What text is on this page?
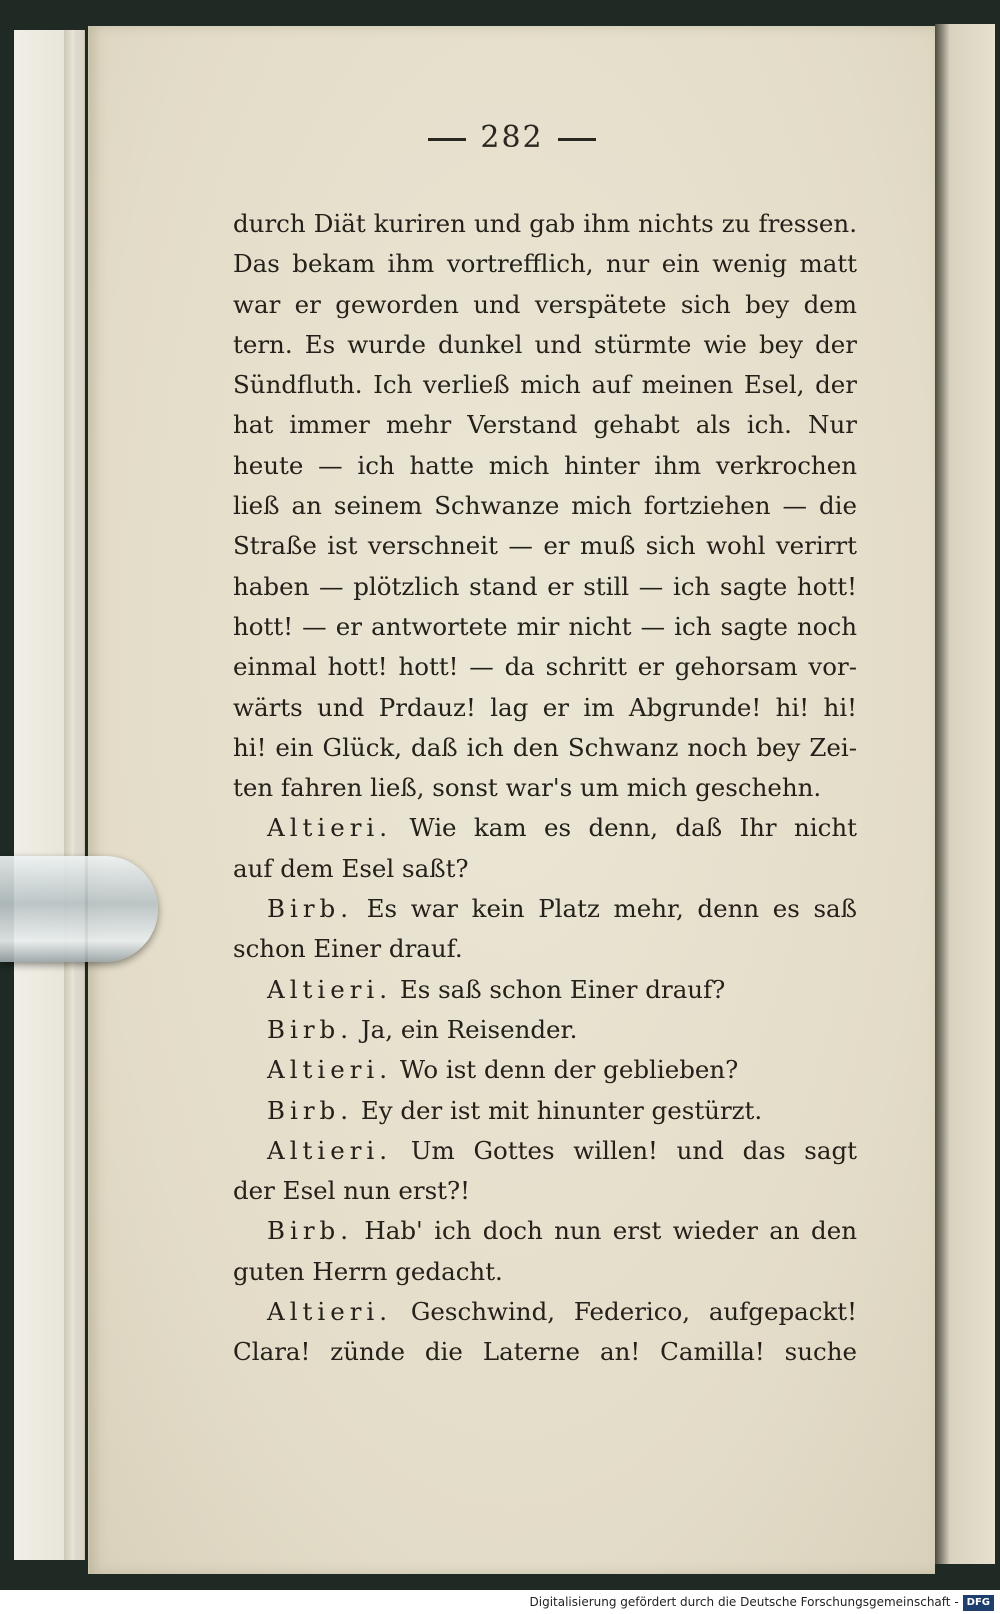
282
durch Diät kuriren und gab ihm nichts zu fressen.
Das bekam ihm vortrefflich, nur ein wenig matt
war er geworden und verspätete sich bey dem
tern. Es wurde dunkel und stürmte wie bey der
Sündfluth. Ich verließ mich auf meinen Esel, der
hat immer mehr Verstand gehabt als ich. Nur
heute — ich hatte mich hinter ihm verkrochen
ließ an seinem Schwanze mich fortziehen — die
Straße ist verschneit — er muß sich wohl verirrt
haben — plötzlich stand er still — ich sagte hott!
hott! — er antwortete mir nicht — ich sagte noch
einmal hott! hott! — da schritt er gehorsam vor-
wärts und Prdauz! lag er im Abgrunde! hi! hi!
hi! ein Glück, daß ich den Schwanz noch bey Zei-
ten fahren ließ, sonst war's um mich geschehn.
Altieri. Wie kam es denn, daß Ihr nicht
auf dem Esel saßt?
Birb. Es war kein Platz mehr, denn es saß
schon Einer drauf.
Altieri. Es saß schon Einer drauf?
Birb. Ja, ein Reisender.
Altieri. Wo ist denn der geblieben?
Birb. Ey der ist mit hinunter gestürzt.
Altieri. Um Gottes willen! und das sagt
der Esel nun erst?!
Birb. Hab' ich doch nun erst wieder an den
guten Herrn gedacht.
Altieri. Geschwind, Federico, aufgepackt!
Clara! zünde die Laterne an! Camilla! suche
Digitalisierung gefördert durch die Deutsche Forschungsgemeinschaft - DFG
